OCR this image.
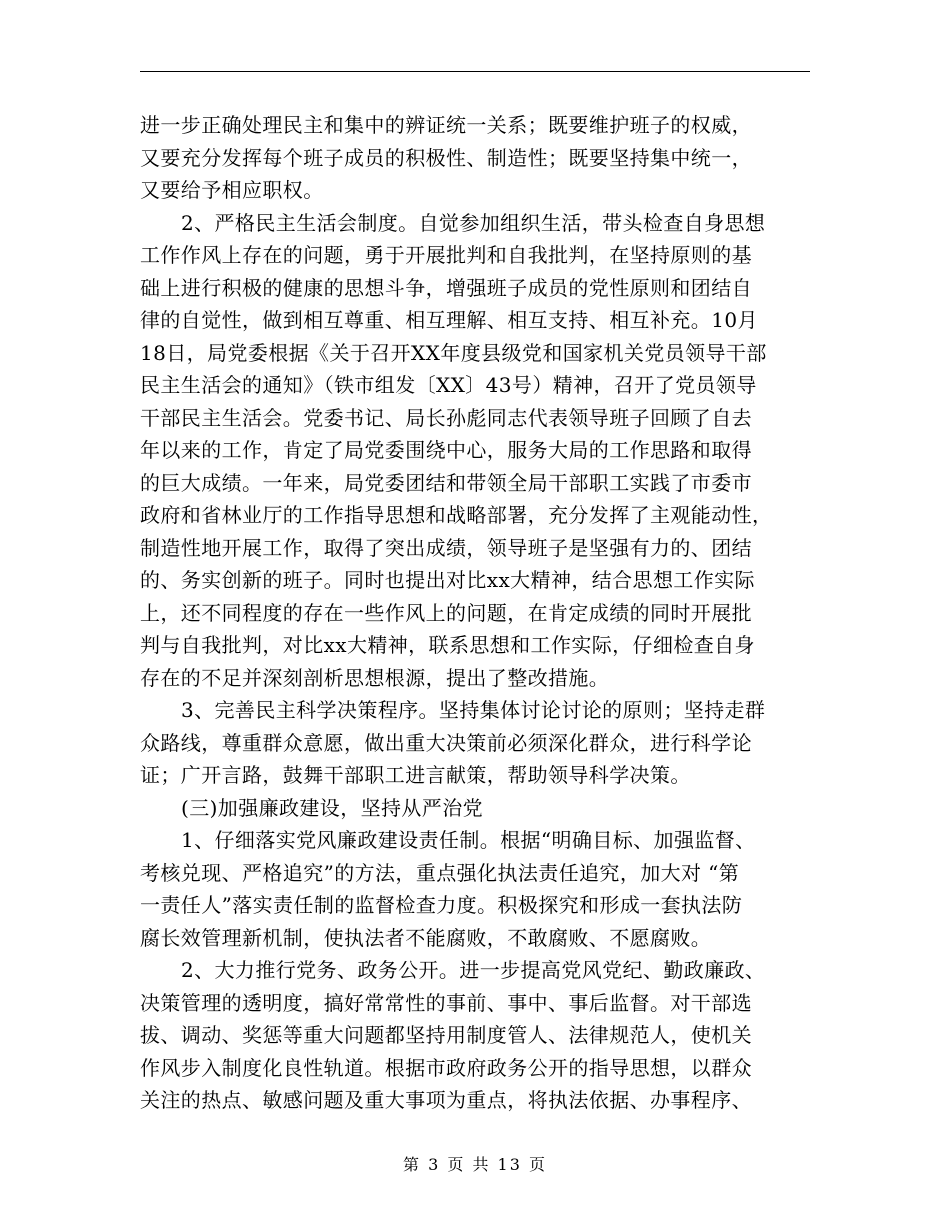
进一步正确处理民主和集中的辨证统一关系；既要维护班子的权威，
又要充分发挥每个班子成员的积极性、制造性；既要坚持集中统一，
又要给予相应职权。
2、严格民主生活会制度。自觉参加组织生活，带头检查自身思想
工作作风上存在的问题，勇于开展批判和自我批判，在坚持原则的基
础上进行积极的健康的思想斗争，增强班子成员的党性原则和团结自
律的自觉性，做到相互尊重、相互理解、相互支持、相互补充。10月
18日，局党委根据《关于召开XX年度县级党和国家机关党员领导干部
民主生活会的通知》（铁市组发〔XX〕43号）精神，召开了党员领导
干部民主生活会。党委书记、局长孙彪同志代表领导班子回顾了自去
年以来的工作，肯定了局党委围绕中心，服务大局的工作思路和取得
的巨大成绩。一年来，局党委团结和带领全局干部职工实践了市委市
政府和省林业厅的工作指导思想和战略部署，充分发挥了主观能动性，
制造性地开展工作，取得了突出成绩，领导班子是坚强有力的、团结
的、务实创新的班子。同时也提出对比xx大精神，结合思想工作实际
上，还不同程度的存在一些作风上的问题，在肯定成绩的同时开展批
判与自我批判，对比xx大精神，联系思想和工作实际，仔细检查自身
存在的不足并深刻剖析思想根源，提出了整改措施。
3、完善民主科学决策程序。坚持集体讨论讨论的原则；坚持走群
众路线，尊重群众意愿，做出重大决策前必须深化群众，进行科学论
证；广开言路，鼓舞干部职工进言献策，帮助领导科学决策。
(三)加强廉政建设，坚持从严治党
1、仔细落实党风廉政建设责任制。根据“明确目标、加强监督、
考核兑现、严格追究”的方法，重点强化执法责任追究，加大对 “第
一责任人”落实责任制的监督检查力度。积极探究和形成一套执法防
腐长效管理新机制，使执法者不能腐败，不敢腐败、不愿腐败。
2、大力推行党务、政务公开。进一步提高党风党纪、勤政廉政、
决策管理的透明度，搞好常常性的事前、事中、事后监督。对干部选
拔、调动、奖惩等重大问题都坚持用制度管人、法律规范人，使机关
作风步入制度化良性轨道。根据市政府政务公开的指导思想，以群众
关注的热点、敏感问题及重大事项为重点，将执法依据、办事程序、
第 3 页 共 13 页
